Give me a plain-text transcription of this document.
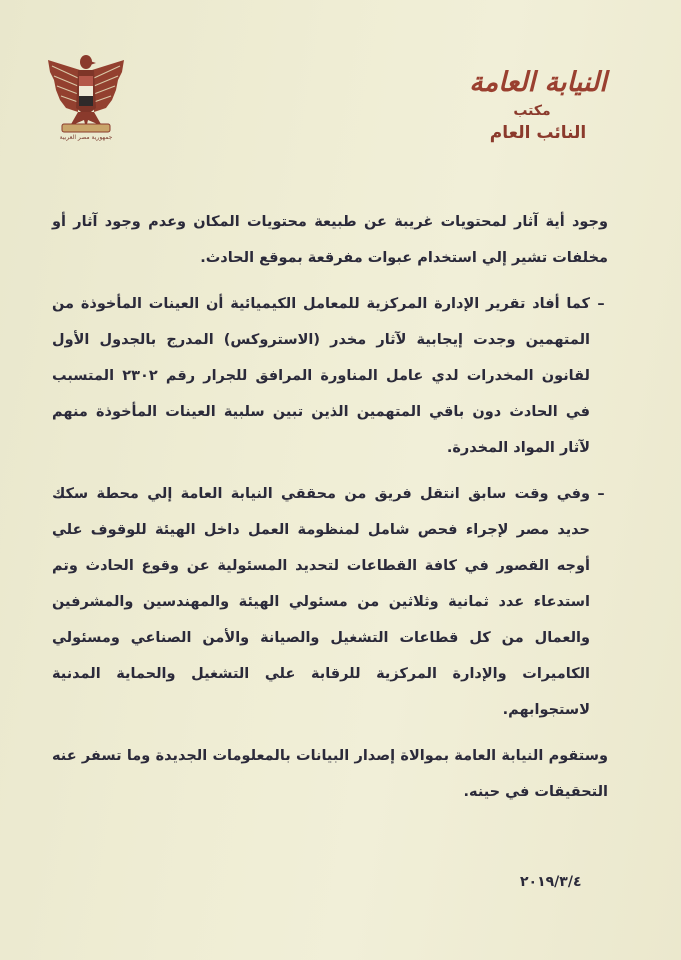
جمهورية مصر العربية
النيابة العامة
مكتب
النائب العام

وجود أية آثار لمحتويات غريبة عن طبيعة محتويات المكان وعدم وجود آثار أو مخلفات تشير إلي استخدام عبوات مفرقعة بموقع الحادث.

–
كما أفاد تقرير الإدارة المركزية للمعامل الكيميائية أن العينات المأخوذة من المتهمين وجدت إيجابية لآثار مخدر (الاستروكس) المدرج بالجدول الأول لقانون المخدرات لدي عامل المناورة المرافق للجرار رقم ٢٣٠٢ المتسبب في الحادث دون باقي المتهمين الذين تبين سلبية العينات المأخوذة منهم لآثار المواد المخدرة.

–
وفي وقت سابق انتقل فريق من محققي النيابة العامة إلي محطة سكك حديد مصر لإجراء فحص شامل لمنظومة العمل داخل الهيئة للوقوف علي أوجه القصور في كافة القطاعات لتحديد المسئولية عن وقوع الحادث وتم استدعاء عدد ثمانية وثلاثين من مسئولي الهيئة والمهندسين والمشرفين والعمال من كل قطاعات التشغيل والصيانة والأمن الصناعي ومسئولي الكاميرات والإدارة المركزية للرقابة علي التشغيل والحماية المدنية لاستجوابهم.

وستقوم النيابة العامة بموالاة إصدار البيانات بالمعلومات الجديدة وما تسفر عنه التحقيقات في حينه.

٢٠١٩/٣/٤
